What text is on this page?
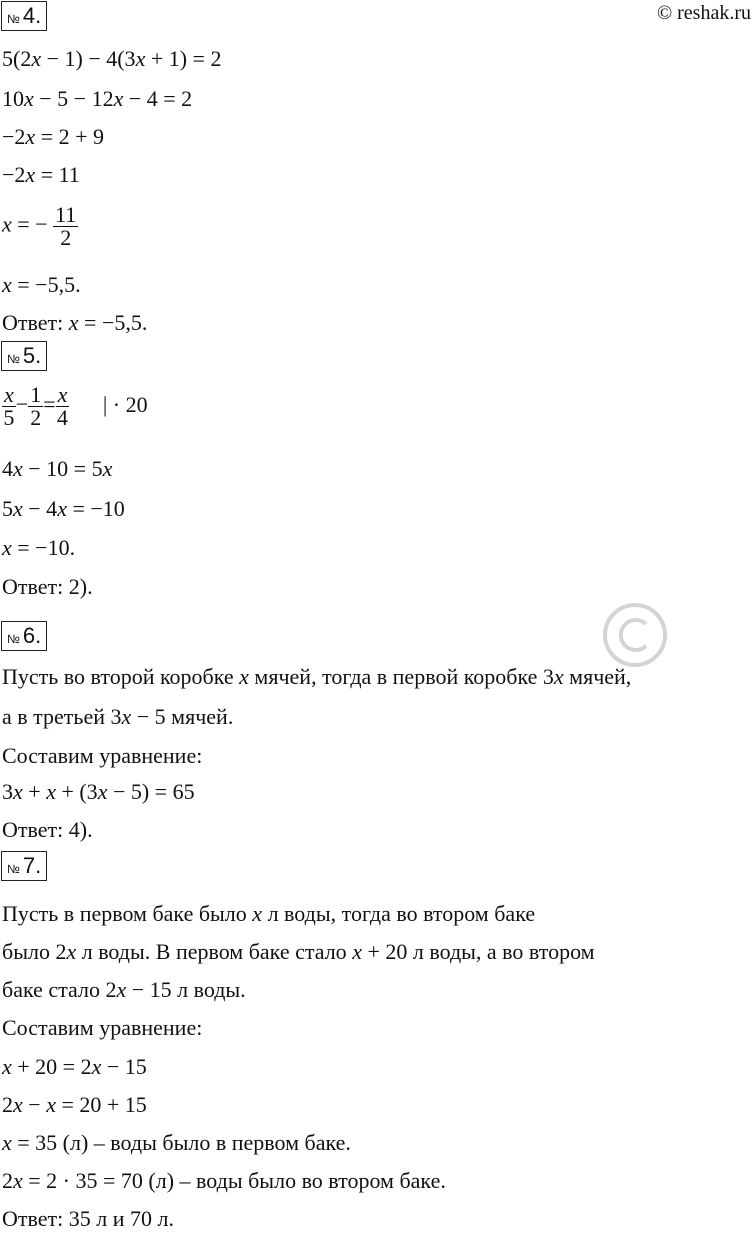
© reshak.ru
№ 4.
5(2x − 1) − 4(3x + 1) = 2
10x − 5 − 12x − 4 = 2
−2x = 2 + 9
−2x = 11
x = − $\frac{11}{2}$
x = −5,5.
Ответ: x = −5,5.
№ 5.
$\frac{x}{5} - \frac{1}{2} = \frac{x}{4}$ | · 20
4x − 10 = 5x
5x − 4x = −10
x = −10.
Ответ: 2).
№ 6.
Пусть во второй коробке x мячей, тогда в первой коробке 3x мячей,
а в третьей 3x − 5 мячей.
Составим уравнение:
3x + x + (3x − 5) = 65
Ответ: 4).
№ 7.
Пусть в первом баке было x л воды, тогда во втором баке
было 2x л воды. В первом баке стало x + 20 л воды, а во втором
баке стало 2x − 15 л воды.
Составим уравнение:
x + 20 = 2x − 15
2x − x = 20 + 15
x = 35 (л) – воды было в первом баке.
2x = 2 · 35 = 70 (л) – воды было во втором баке.
Ответ: 35 л и 70 л.
